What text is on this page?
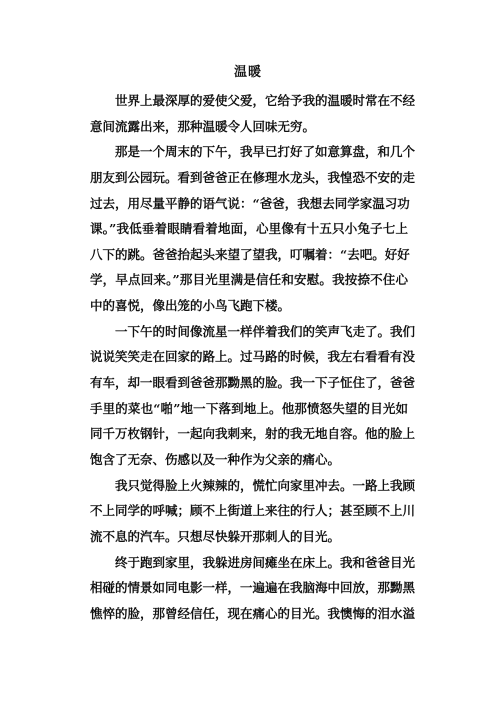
温暖
世界上最深厚的爱使父爱，它给予我的温暖时常在不经
意间流露出来，那种温暖令人回味无穷。
那是一个周末的下午，我早已打好了如意算盘，和几个
朋友到公园玩。看到爸爸正在修理水龙头，我惶恐不安的走
过去，用尽量平静的语气说：“爸爸，我想去同学家温习功
课。”我低垂着眼睛看着地面，心里像有十五只小兔子七上
八下的跳。爸爸抬起头来望了望我，叮嘱着：“去吧。好好
学，早点回来。”那目光里满是信任和安慰。我按捺不住心
中的喜悦，像出笼的小鸟飞跑下楼。
一下午的时间像流星一样伴着我们的笑声飞走了。我们
说说笑笑走在回家的路上。过马路的时候，我左右看看有没
有车，却一眼看到爸爸那黝黑的脸。我一下子怔住了，爸爸
手里的菜也“啪”地一下落到地上。他那愤怒失望的目光如
同千万枚钢针，一起向我刺来，射的我无地自容。他的脸上
饱含了无奈、伤感以及一种作为父亲的痛心。
我只觉得脸上火辣辣的，慌忙向家里冲去。一路上我顾
不上同学的呼喊；顾不上街道上来往的行人；甚至顾不上川
流不息的汽车。只想尽快躲开那刺人的目光。
终于跑到家里，我躲进房间瘫坐在床上。我和爸爸目光
相碰的情景如同电影一样，一遍遍在我脑海中回放，那黝黑
憔悴的脸，那曾经信任，现在痛心的目光。我懊悔的泪水溢
